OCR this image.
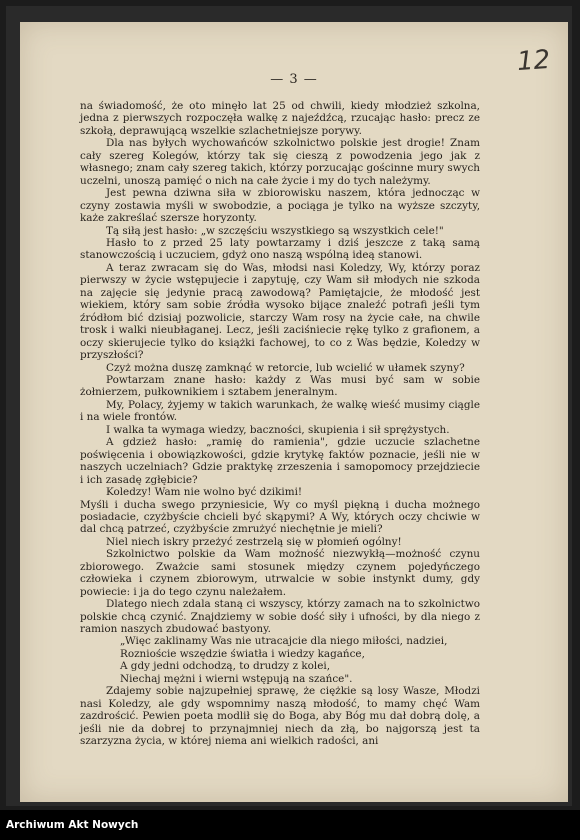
12
— 3 —

na świadomość, że oto minęło lat 25 od chwili, kiedy młodzież szkolna, jedna z pierwszych rozpoczęła walkę z najeźdźcą, rzucając hasło: precz ze szkołą, deprawującą wszelkie szlachetniejsze porywy.

Dla nas byłych wychowańców szkolnictwo polskie jest drogie! Znam cały szereg Kolegów, którzy tak się cieszą z powodzenia jego jak z własnego; znam cały szereg takich, którzy porzucając gościnne mury swych uczelni, unoszą pamięć o nich na całe życie i my do tych należymy.

Jest pewna dziwna siła w zbiorowisku naszem, która jednocząc w czyny zostawia myśli w swobodzie, a pociąga je tylko na wyższe szczyty, każe zakreślać szersze horyzonty.

Tą siłą jest hasło: „w szczęściu wszystkiego są wszystkich cele!"

Hasło to z przed 25 laty powtarzamy i dziś jeszcze z taką samą stanowczością i uczuciem, gdyż ono naszą wspólną ideą stanowi.

A teraz zwracam się do Was, młodsi nasi Koledzy, Wy, którzy poraz pierwszy w życie wstępujecie i zapytuję, czy Wam sił młodych nie szkoda na zajęcie się jedynie pracą zawodową? Pamiętajcie, że młodość jest wiekiem, który sam sobie źródła wysoko bijące znaleźć potrafi jeśli tym źródłom bić dzisiaj pozwolicie, starczy Wam rosy na życie całe, na chwile trosk i walki nieubłaganej. Lecz, jeśli zaciśniecie rękę tylko z grafionem, a oczy skierujecie tylko do książki fachowej, to co z Was będzie, Koledzy w przyszłości?

Czyż można duszę zamknąć w retorcie, lub wcielić w ułamek szyny?

Powtarzam znane hasło: każdy z Was musi być sam w sobie żołnierzem, pułkownikiem i sztabem jeneralnym.

My, Polacy, żyjemy w takich warunkach, że walkę wieść musimy ciągle i na wiele frontów.

I walka ta wymaga wiedzy, baczności, skupienia i sił sprężystych.

A gdzież hasło: „ramię do ramienia", gdzie uczucie szlachetne poświęcenia i obowiązkowości, gdzie krytykę faktów poznacie, jeśli nie w naszych uczelniach? Gdzie praktykę zrzeszenia i samopomocy przejdziecie i ich zasadę zgłębicie?

Koledzy! Wam nie wolno być dzikimi!

Myśli i ducha swego przyniesicie, Wy co myśl piękną i ducha możnego posiadacie, czyżbyście chcieli być skąpymi? A Wy, których oczy chciwie w dal chcą patrzeć, czyżbyście zmrużyć niechętnie je mieli?

Niel niech iskry przeżyć zestrzelą się w płomień ogólny!

Szkolnictwo polskie da Wam możność niezwykłą—możność czynu zbiorowego. Zważcie sami stosunek między czynem pojedyńczego człowieka i czynem zbiorowym, utrwalcie w sobie instynkt dumy, gdy powiecie: i ja do tego czynu należałem.

Dlatego niech zdala staną ci wszyscy, którzy zamach na to szkolnictwo polskie chcą czynić. Znajdziemy w sobie dość siły i ufności, by dla niego z ramion naszych zbudować bastyony.

„Więc zaklinamy Was nie utracajcie dla niego miłości, nadziei,

Roznioście wszędzie światła i wiedzy kagańce,

A gdy jedni odchodzą, to drudzy z kolei,

Niechaj mężni i wierni wstępują na szańce".

Zdajemy sobie najzupełniej sprawę, że ciężkie są losy Wasze, Młodzi nasi Koledzy, ale gdy wspomnimy naszą młodość, to mamy chęć Wam zazdrościć. Pewien poeta modlił się do Boga, aby Bóg mu dał dobrą dolę, a jeśli nie da dobrej to przynajmniej niech da złą, bo najgorszą jest ta szarzyzna życia, w której niema ani wielkich radości, ani

Archiwum Akt Nowych
